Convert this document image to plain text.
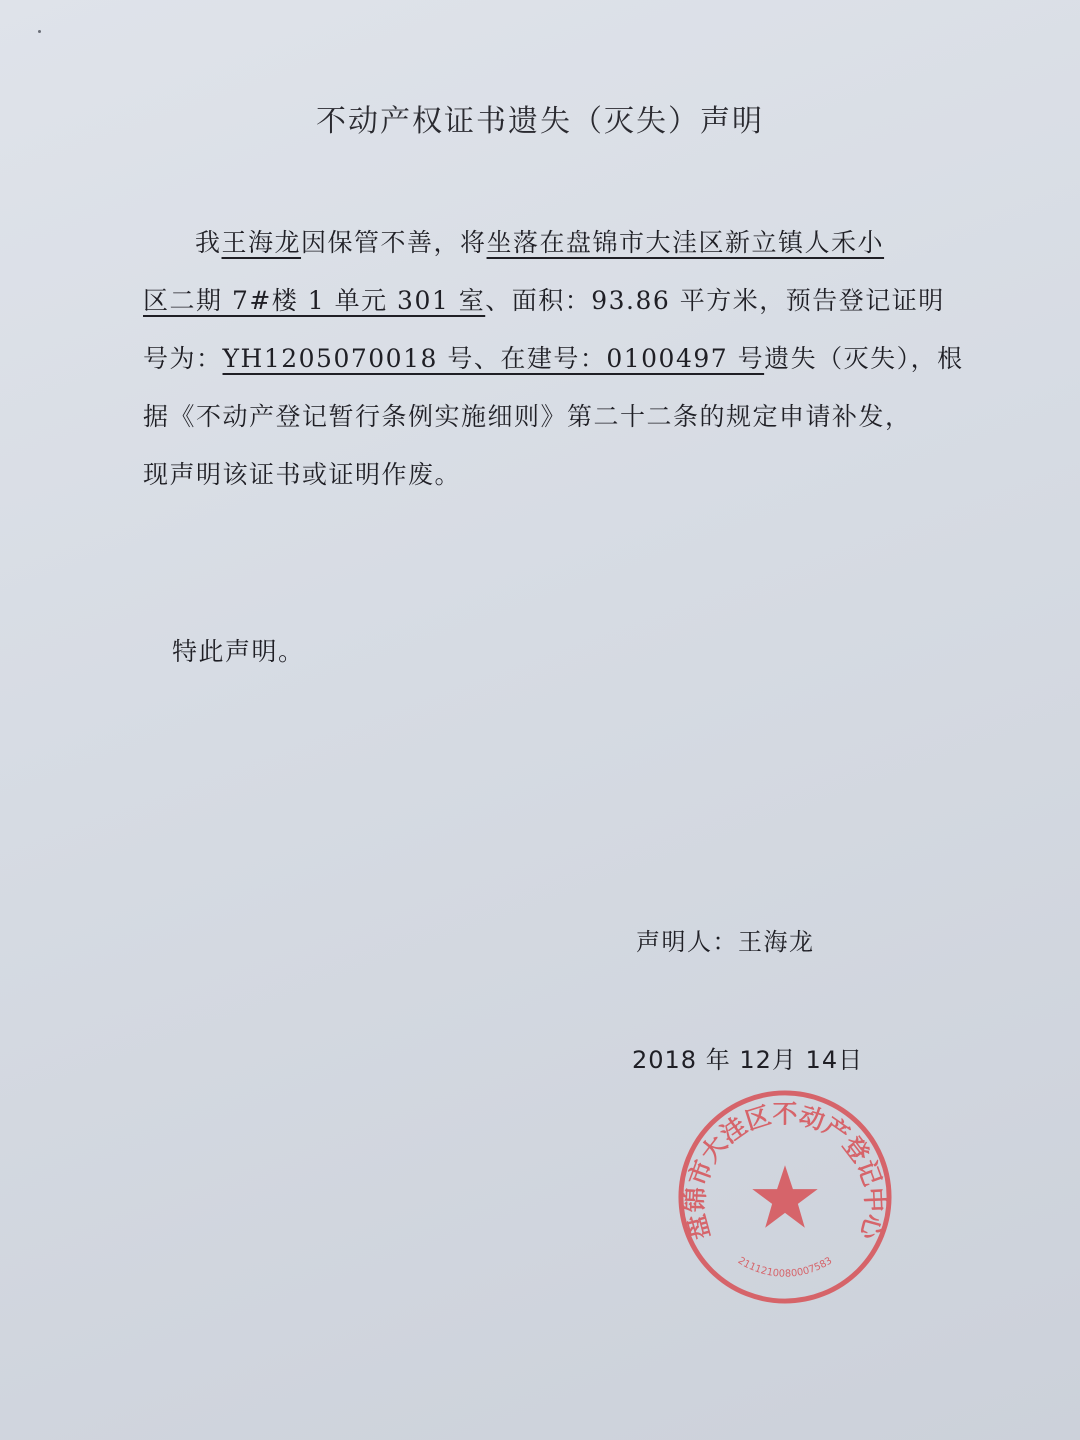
不动产权证书遗失（灭失）声明
我王海龙因保管不善，将坐落在盘锦市大洼区新立镇人禾小
区二期 7#楼 1 单元 301 室、面积：93.86 平方米，预告登记证明
号为：YH1205070018 号、在建号：0100497 号遗失（灭失），根
据《不动产登记暂行条例实施细则》第二十二条的规定申请补发，
现声明该证书或证明作废。
特此声明。
声明人：王海龙
2018 年 12月 14日
盘锦市大洼区不动产登记中心
2111210080007583
